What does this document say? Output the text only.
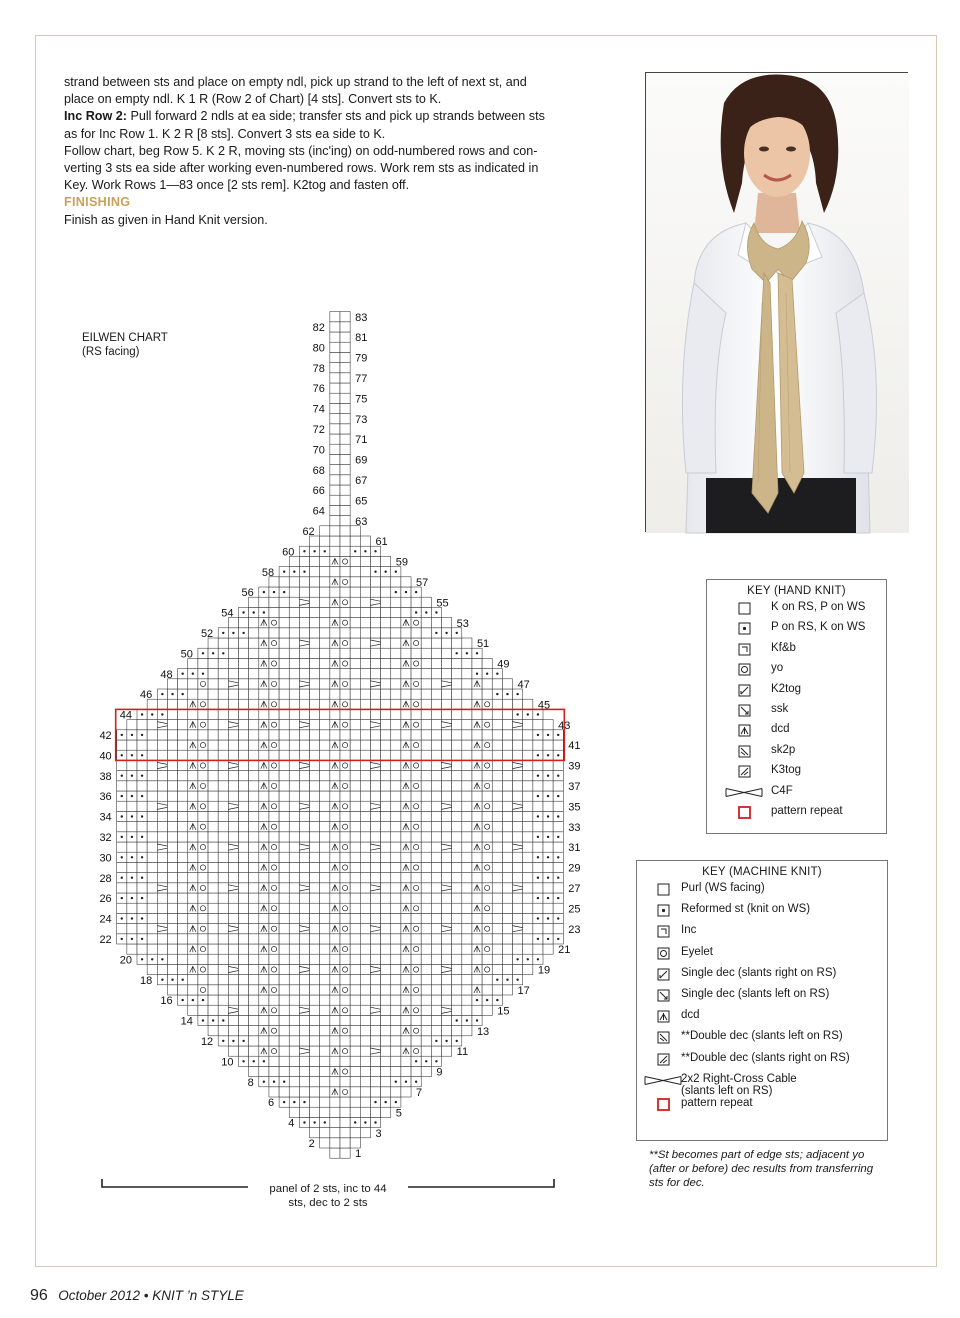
strand between sts and place on empty ndl, pick up strand to the left of next st, and

place on empty ndl. K 1 R (Row 2 of Chart) [4 sts]. Convert sts to K.

Inc Row 2: Pull forward 2 ndls at ea side; transfer sts and pick up strands between sts

as for Inc Row 1. K 2 R [8 sts]. Convert 3 sts ea side to K.

Follow chart, beg Row 5. K 2 R, moving sts (inc'ing) on odd-numbered rows and con-

verting 3 sts ea side after working even-numbered rows. Work rem sts as indicated in

Key. Work Rows 1—83 once [2 sts rem]. K2tog and fasten off.

FINISHING

Finish as given in Hand Knit version.

EILWEN CHART
(RS facing)
1
2
3
4
5
6
7
8
9
10
11
12
13
14
15
16
17
18
19
20
21
22
23
24
25
26
27
28
29
30
31
32
33
34
35
36
37
38
39
40
41
42
43
44
45
46
47
48
49
50
51
52
53
54
55
56
57
58
59
60
61
62
63
64
65
66
67
68
69
70
71
72
73
74
75
76
77
78
79
80
81
82
83
panel of 2 sts, inc to 44
sts, dec to 2 sts
KEY (HAND KNIT)
K on RS, P on WS
P on RS, K on WS
Kf&b
yo
K2tog
ssk
dcd
sk2p
K3tog
C4F
pattern repeat
KEY (MACHINE KNIT)
Purl (WS facing)
Reformed st (knit on WS)
Inc
Eyelet
Single dec (slants right on RS)
Single dec (slants left on RS)
dcd
**Double dec (slants left on RS)
**Double dec (slants right on RS)
2x2 Right-Cross Cable
(slants left on RS)
pattern repeat
**St becomes part of edge sts; adjacent yo (after or before) dec results from transferring sts for dec.
96 October 2012 • KNIT ’n STYLE
